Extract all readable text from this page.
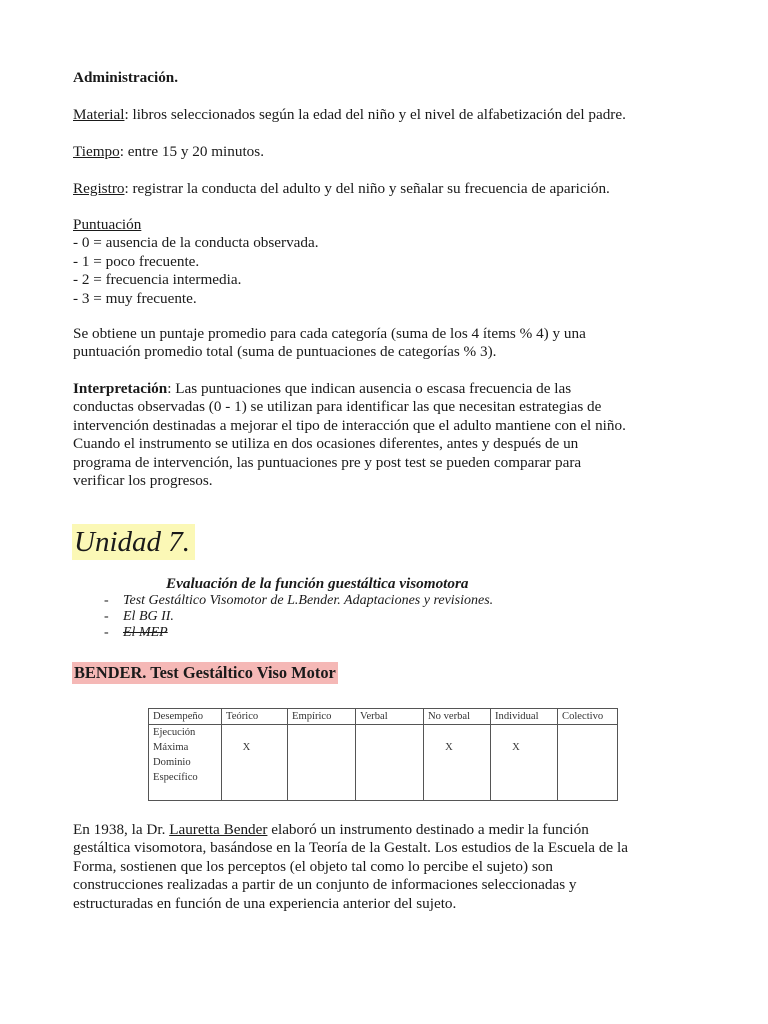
Administración.

Material: libros seleccionados según la edad del niño y el nivel de alfabetización del padre.

Tiempo: entre 15 y 20 minutos.

Registro: registrar la conducta del adulto y del niño y señalar su frecuencia de aparición.

Puntuación
- 0 = ausencia de la conducta observada.
- 1 = poco frecuente.
- 2 = frecuencia intermedia.
- 3 = muy frecuente.
Se obtiene un puntaje promedio para cada categoría (suma de los 4 ítems % 4) y una
puntuación promedio total (suma de puntuaciones de categorías % 3).
Interpretación: Las puntuaciones que indican ausencia o escasa frecuencia de las
conductas observadas (0 - 1) se utilizan para identificar las que necesitan estrategias de
intervención destinadas a mejorar el tipo de interacción que el adulto mantiene con el niño.
Cuando el instrumento se utiliza en dos ocasiones diferentes, antes y después de un
programa de intervención, las puntuaciones pre y post test se pueden comparar para
verificar los progresos.
Unidad 7.
Evaluación de la función guestáltica visomotora
- Test Gestáltico Visomotor de L.Bender. Adaptaciones y revisiones.
- El BG II.
- El MEP
BENDER. Test Gestáltico Viso Motor
Desempeño	Teórico	Empírico	Verbal	No verbal	Individual	Colectivo
Ejecución
Máxima
Dominio
Específico	X			X	X	
En 1938, la Dr. Lauretta Bender elaboró un instrumento destinado a medir la función
gestáltica visomotora, basándose en la Teoría de la Gestalt. Los estudios de la Escuela de la
Forma, sostienen que los perceptos (el objeto tal como lo percibe el sujeto) son
construcciones realizadas a partir de un conjunto de informaciones seleccionadas y
estructuradas en función de una experiencia anterior del sujeto.
